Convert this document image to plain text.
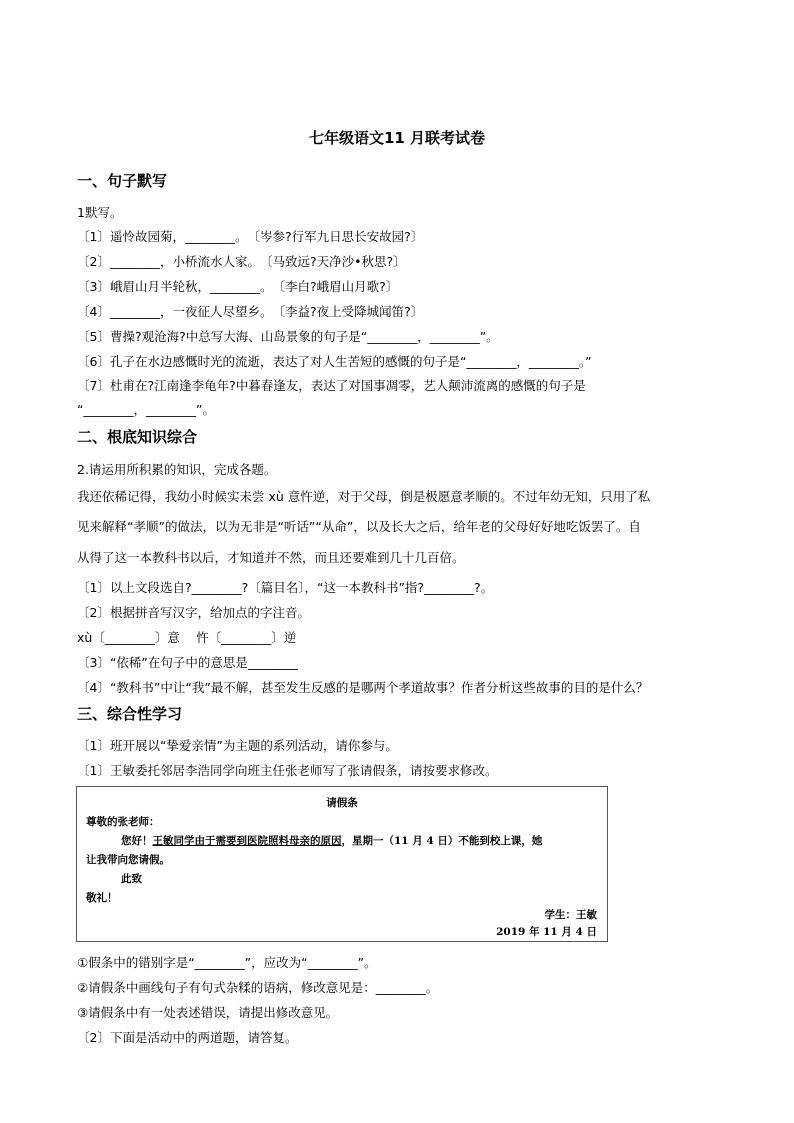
七年级语文11 月联考试卷
一、句子默写
1默写。
〔1〕遥怜故园菊，________。　〔岑参?行军九日思长安故园?〕
〔2〕________，小桥流水人家。　〔马致远?天净沙•秋思?〕
〔3〕峨眉山月半轮秋，________。　〔李白?峨眉山月歌?〕
〔4〕________，一夜征人尽望乡。　〔李益?夜上受降城闻笛?〕
〔5〕曹操?观沧海?中总写大海、山岛景象的句子是“________，________”。
〔6〕孔子在水边感慨时光的流逝，表达了对人生苦短的感慨的句子是“________，________。”
〔7〕杜甫在?江南逢李龟年?中暮春逢友，表达了对国事凋零，艺人颠沛流离的感慨的句子是
“________，________”。
二、根底知识综合
2.请运用所积累的知识，完成各题。
我还依稀记得，我幼小时候实未尝 xù 意忤逆，对于父母，倒是极愿意孝顺的。不过年幼无知，只用了私
见来解释“孝顺”的做法，以为无非是“听话”“从命”，以及长大之后，给年老的父母好好地吃饭罢了。自
从得了这一本教科书以后，才知道并不然，而且还要难到几十几百倍。
〔1〕以上文段选自?________?〔篇目名〕，“这一本教科书”指?________?。
〔2〕根据拼音写汉字，给加点的字注音。
xù〔________〕意　 忤〔________〕逆
〔3〕“依稀”在句子中的意思是________
〔4〕“教科书”中让“我”最不解，甚至发生反感的是哪两个孝道故事？作者分析这些故事的目的是什么？
三、综合性学习
〔1〕班开展以“挚爱亲情”为主题的系列活动，请你参与。
〔1〕王敏委托邻居李浩同学向班主任张老师写了张请假条，请按要求修改。
请假条
尊敬的张老师：
您好！王敏同学由于需要到医院照料母亲的原因，星期一（11 月 4 日）不能到校上课，她
让我带向您请假。
此致
敬礼！
学生：王敏
2019 年 11 月 4 日
①假条中的错别字是“________”，应改为“________”。
②请假条中画线句子有句式杂糅的语病，修改意见是：________。
③请假条中有一处表述错误，请提出修改意见。
〔2〕下面是活动中的两道题，请答复。
